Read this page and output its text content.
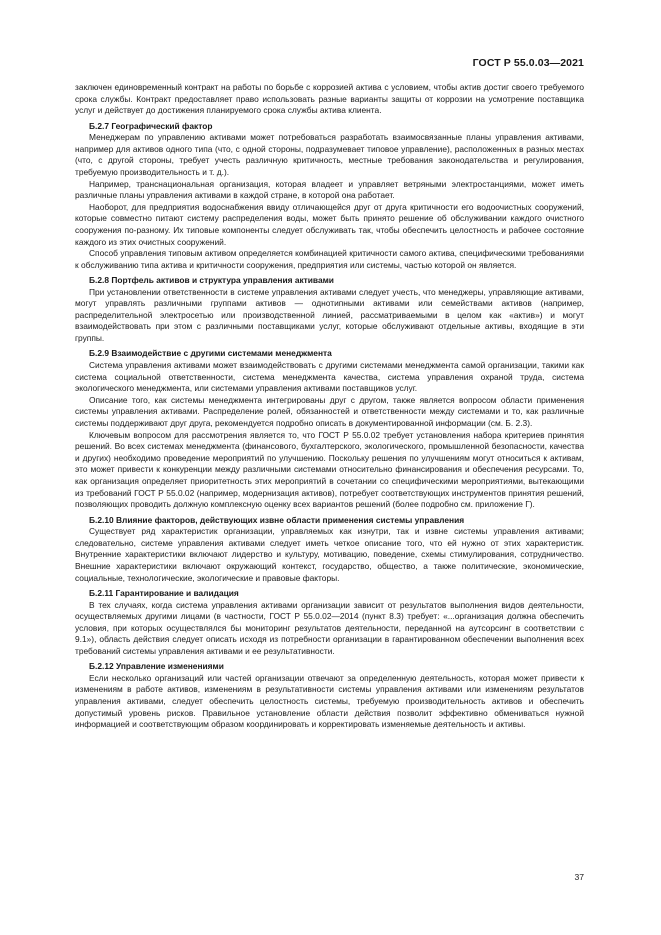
ГОСТ Р 55.0.03—2021

заключен единовременный контракт на работы по борьбе с коррозией актива с условием, чтобы актив достиг своего требуемого срока службы. Контракт предоставляет право использовать разные варианты защиты от коррозии на усмотрение поставщика услуг и действует до достижения планируемого срока службы актива клиента.

Б.2.7 Географический фактор

Менеджерам по управлению активами может потребоваться разработать взаимосвязанные планы управления активами, например для активов одного типа (что, с одной стороны, подразумевает типовое управление), расположенных в разных местах (что, с другой стороны, требует учесть различную критичность, местные требования законодательства и регулирования, требуемую производительность и т. д.).

Например, транснациональная организация, которая владеет и управляет ветряными электростанциями, может иметь различные планы управления активами в каждой стране, в которой она работает.

Наоборот, для предприятия водоснабжения ввиду отличающейся друг от друга критичности его водоочистных сооружений, которые совместно питают систему распределения воды, может быть принято решение об обслуживании каждого очистного сооружения по-разному. Их типовые компоненты следует обслуживать так, чтобы обеспечить целостность и рабочее состояние каждого из этих очистных сооружений.

Способ управления типовым активом определяется комбинацией критичности самого актива, специфическими требованиями к обслуживанию типа актива и критичности сооружения, предприятия или системы, частью которой он является.

Б.2.8 Портфель активов и структура управления активами

При установлении ответственности в системе управления активами следует учесть, что менеджеры, управляющие активами, могут управлять различными группами активов — однотипными активами или семействами активов (например, распределительной электросетью или производственной линией, рассматриваемыми в целом как «актив») и могут взаимодействовать при этом с различными поставщиками услуг, которые обслуживают отдельные активы, входящие в эти группы.

Б.2.9 Взаимодействие с другими системами менеджмента

Система управления активами может взаимодействовать с другими системами менеджмента самой организации, такими как система социальной ответственности, система менеджмента качества, система управления охраной труда, система экологического менеджмента, или системами управления активами поставщиков услуг.

Описание того, как системы менеджмента интегрированы друг с другом, также является вопросом области применения системы управления активами. Распределение ролей, обязанностей и ответственности между системами и то, как различные системы поддерживают друг друга, рекомендуется подробно описать в документированной информации (см. Б. 2.3).

Ключевым вопросом для рассмотрения является то, что ГОСТ Р 55.0.02 требует установления набора критериев принятия решений. Во всех системах менеджмента (финансового, бухгалтерского, экологического, промышленной безопасности, качества и других) необходимо проведение мероприятий по улучшению. Поскольку решения по улучшениям могут относиться к активам, это может привести к конкуренции между различными системами относительно финансирования и обеспечения ресурсами. То, как организация определяет приоритетность этих мероприятий в сочетании со специфическими мероприятиями, вытекающими из требований ГОСТ Р 55.0.02 (например, модернизация активов), потребует соответствующих инструментов принятия решений, позволяющих проводить должную комплексную оценку всех вариантов решений (более подробно см. приложение Г).

Б.2.10 Влияние факторов, действующих извне области применения системы управления

Существует ряд характеристик организации, управляемых как изнутри, так и извне системы управления активами; следовательно, системе управления активами следует иметь четкое описание того, что ей нужно от этих характеристик. Внутренние характеристики включают лидерство и культуру, мотивацию, поведение, схемы стимулирования, сотрудничество. Внешние характеристики включают окружающий контекст, государство, общество, а также политические, экономические, социальные, технологические, экологические и правовые факторы.

Б.2.11 Гарантирование и валидация

В тех случаях, когда система управления активами организации зависит от результатов выполнения видов деятельности, осуществляемых другими лицами (в частности, ГОСТ Р 55.0.02—2014 (пункт 8.3) требует: «...организация должна обеспечить условия, при которых осуществлялся бы мониторинг результатов деятельности, переданной на аутсорсинг в соответствии с 9.1»), область действия следует описать исходя из потребности организации в гарантированном обеспечении выполнения всех требований системы управления активами и ее результативности.

Б.2.12 Управление изменениями

Если несколько организаций или частей организации отвечают за определенную деятельность, которая может привести к изменениям в работе активов, изменениям в результативности системы управления активами или изменениям результатов управления активами, следует обеспечить целостность системы, требуемую производительность активов и обеспечить допустимый уровень рисков. Правильное установление области действия позволит эффективно обмениваться нужной информацией и соответствующим образом координировать и корректировать изменяемые деятельность и активы.

37
